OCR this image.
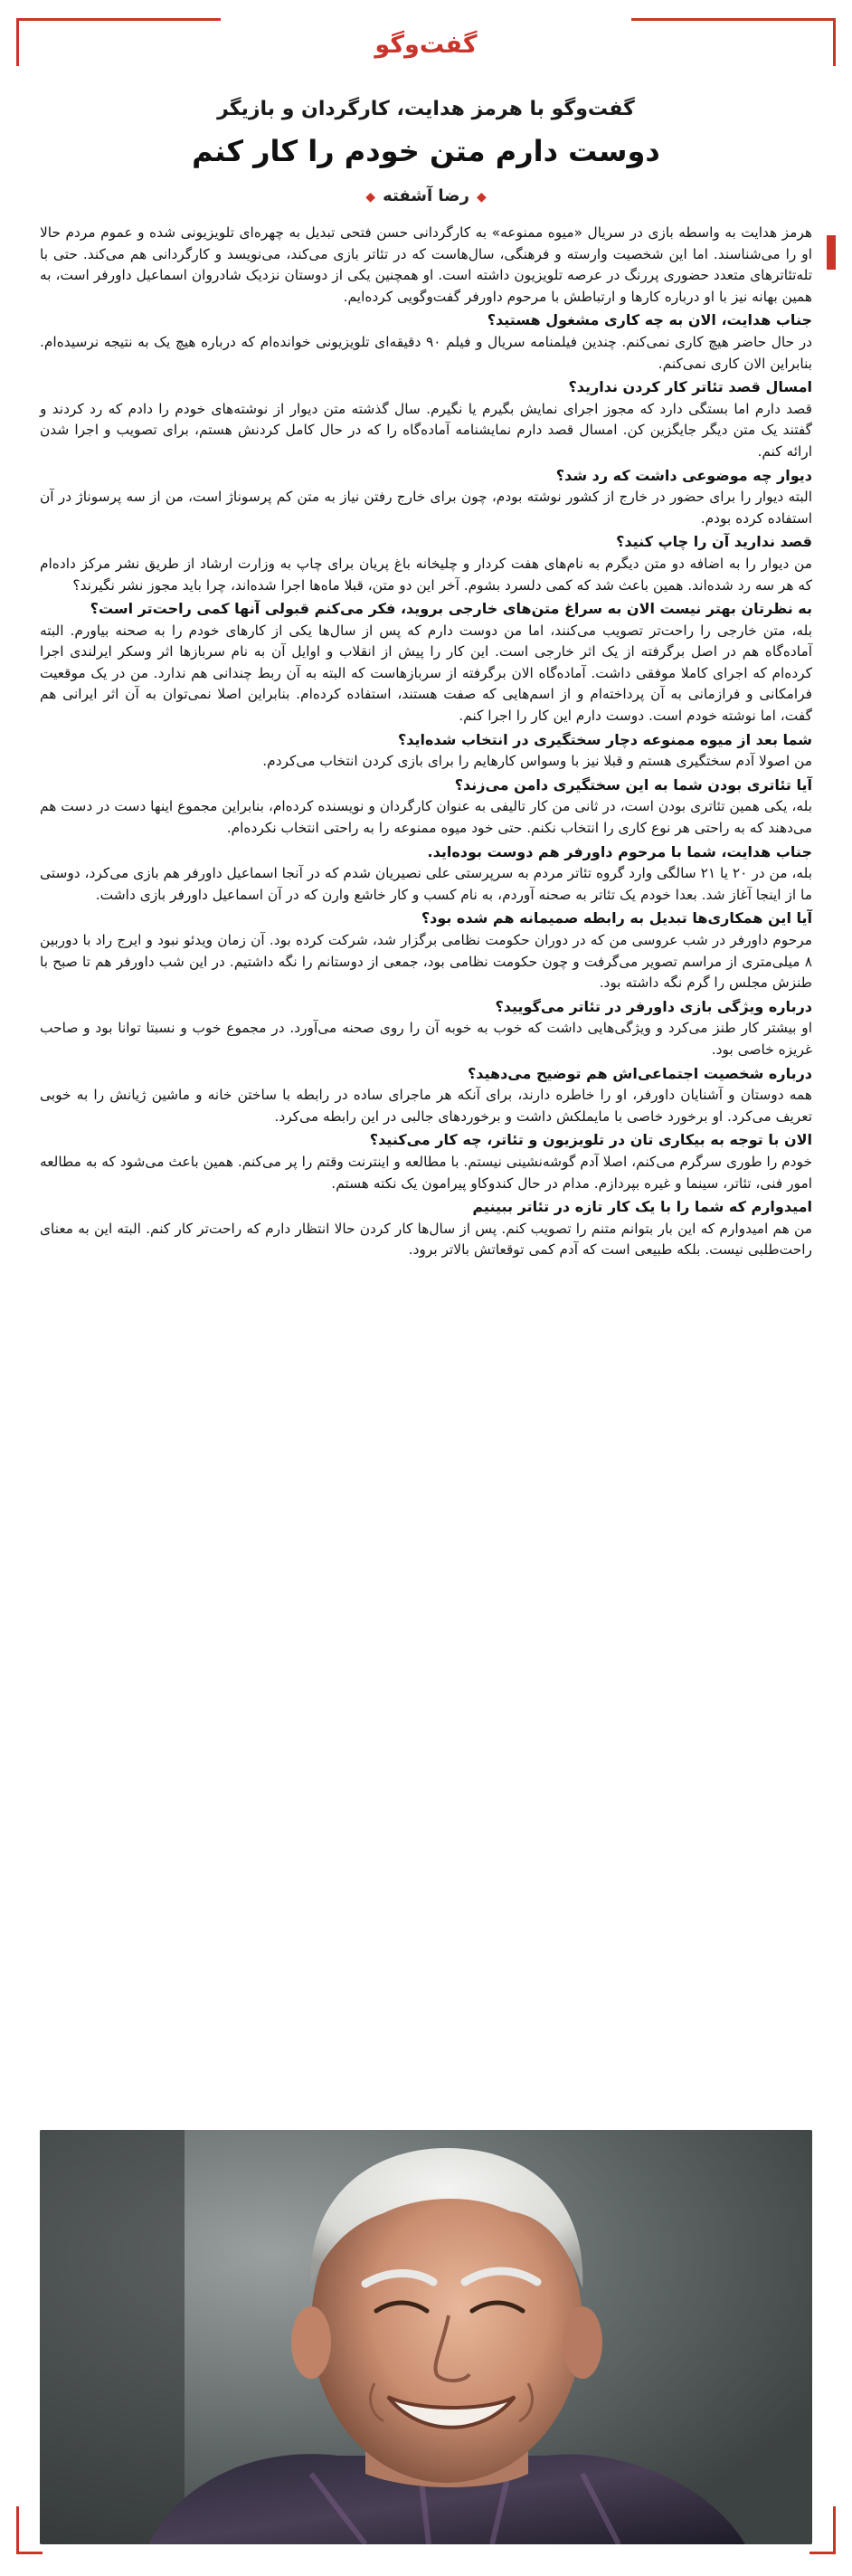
گفت‌وگو
گفت‌وگو با هرمز هدایت، کارگردان و بازیگر
دوست دارم متن خودم را کار کنم
◆رضا آشفته◆

هرمز هدایت به واسطه بازی در سریال «میوه ممنوعه» به کارگردانی حسن فتحی تبدیل به چهره‌ای تلویزیونی شده و عموم مردم حالا او را می‌شناسند. اما این شخصیت وارسته و فرهنگی، سال‌هاست که در تئاتر بازی می‌کند، می‌نویسد و کارگردانی هم می‌کند. حتی با تله‌تئاترهای متعدد حضوری پررنگ در عرصه تلویزیون داشته است. او همچنین یکی از دوستان نزدیک شادروان اسماعیل داورفر است، به همین بهانه نیز با او درباره کارها و ارتباطش با مرحوم داورفر گفت‌وگویی کرده‌ایم.

جناب هدایت، الان به چه کاری مشغول هستید؟

در حال حاضر هیچ کاری نمی‌کنم. چندین فیلمنامه سریال و فیلم ۹۰ دقیقه‌ای تلویزیونی خوانده‌ام که درباره هیچ یک به نتیجه نرسیده‌ام. بنابراین الان کاری نمی‌کنم.

امسال قصد تئاتر کار کردن ندارید؟

قصد دارم اما بستگی دارد که مجوز اجرای نمایش بگیرم یا نگیرم. سال گذشته متن دیوار از نوشته‌های خودم را دادم که رد کردند و گفتند یک متن دیگر جایگزین کن. امسال قصد دارم نمایشنامه آماده‌گاه را که در حال کامل کردنش هستم، برای تصویب و اجرا شدن ارائه کنم.

دیوار چه موضوعی داشت که رد شد؟

البته دیوار را برای حضور در خارج از کشور نوشته بودم، چون برای خارج رفتن نیاز به متن کم پرسوناژ است، من از سه پرسوناژ در آن استفاده کرده بودم.

قصد ندارید آن را چاپ کنید؟

من دیوار را به اضافه دو متن دیگرم به نام‌های هفت کردار و چلیخانه باغ پریان برای چاپ به وزارت ارشاد از طریق نشر مرکز داده‌ام که هر سه رد شده‌اند. همین باعث شد که کمی دلسرد بشوم. آخر این دو متن، قبلا ماه‌ها اجرا شده‌اند، چرا باید مجوز نشر نگیرند؟

به نظرتان بهتر نیست الان به سراغ متن‌های خارجی بروید، فکر می‌کنم قبولی آنها کمی راحت‌تر است؟

بله، متن خارجی را راحت‌تر تصویب می‌کنند، اما من دوست دارم که پس از سال‌ها یکی از کارهای خودم را به صحنه بیاورم. البته آماده‌گاه هم در اصل برگرفته از یک اثر خارجی است. این کار را پیش از انقلاب و اوایل آن به نام سربازها اثر وسکر ایرلندی اجرا کرده‌ام که اجرای کاملا موفقی داشت. آماده‌گاه الان برگرفته از سربازهاست که البته به آن ربط چندانی هم ندارد. من در یک موقعیت فرامکانی و فرازمانی به آن پرداخته‌ام و از اسم‌هایی که صفت هستند، استفاده کرده‌ام. بنابراین اصلا نمی‌توان به آن اثر ایرانی هم گفت، اما نوشته خودم است. دوست دارم این کار را اجرا کنم.

شما بعد از میوه ممنوعه دچار سختگیری در انتخاب شده‌اید؟

من اصولا آدم سختگیری هستم و قبلا نیز با وسواس کارهایم را برای بازی کردن انتخاب می‌کردم.

آیا تئاتری بودن شما به این سختگیری دامن می‌زند؟

بله، یکی همین تئاتری بودن است، در ثانی من کار تالیفی به عنوان کارگردان و نویسنده کرده‌ام، بنابراین مجموع اینها دست در دست هم می‌دهند که به راحتی هر نوع کاری را انتخاب نکنم. حتی خود میوه ممنوعه را به راحتی انتخاب نکرده‌ام.

جناب هدایت، شما با مرحوم داورفر هم دوست بوده‌اید.

بله، من در ۲۰ یا ۲۱ سالگی وارد گروه تئاتر مردم به سرپرستی علی نصیریان شدم که در آنجا اسماعیل داورفر هم بازی می‌کرد، دوستی ما از اینجا آغاز شد. بعدا خودم یک تئاتر به صحنه آوردم، به نام کسب و کار خاشع وارن که در آن اسماعیل داورفر بازی داشت.

آیا این همکاری‌ها تبدیل به رابطه صمیمانه هم شده بود؟

مرحوم داورفر در شب عروسی من که در دوران حکومت نظامی برگزار شد، شرکت کرده بود. آن زمان ویدئو نبود و ایرج راد با دوربین ۸ میلی‌متری از مراسم تصویر می‌گرفت و چون حکومت نظامی بود، جمعی از دوستانم را نگه داشتیم. در این شب داورفر هم تا صبح با طنزش مجلس را گرم نگه داشته بود.

درباره ویژگی بازی داورفر در تئاتر می‌گویید؟

او بیشتر کار طنز می‌کرد و ویژگی‌هایی داشت که خوب به خوبه آن را روی صحنه می‌آورد. در مجموع خوب و نسبتا توانا بود و صاحب غریزه خاصی بود.

درباره شخصیت اجتماعی‌اش هم توضیح می‌دهید؟

همه دوستان و آشنایان داورفر، او را خاطره دارند، برای آنکه هر ماجرای ساده در رابطه با ساختن خانه و ماشین ژیانش را به خوبی تعریف می‌کرد. او برخورد خاصی با مایملکش داشت و برخوردهای جالبی در این رابطه می‌کرد.

الان با توجه به بیکاری تان در تلویزیون و تئاتر، چه کار می‌کنید؟

خودم را طوری سرگرم می‌کنم، اصلا آدم گوشه‌نشینی نیستم. با مطالعه و اینترنت وقتم را پر می‌کنم. همین باعث می‌شود که به مطالعه امور فنی، تئاتر، سینما و غیره بپردازم. مدام در حال کندوکاو پیرامون یک نکته هستم.

امیدوارم که شما را با یک کار تازه در تئاتر ببینیم

من هم امیدوارم که این بار بتوانم متنم را تصویب کنم. پس از سال‌ها کار کردن حالا انتظار دارم که راحت‌تر کار کنم. البته این به معنای راحت‌طلبی نیست. بلکه طبیعی است که آدم کمی توقعاتش بالاتر برود.
